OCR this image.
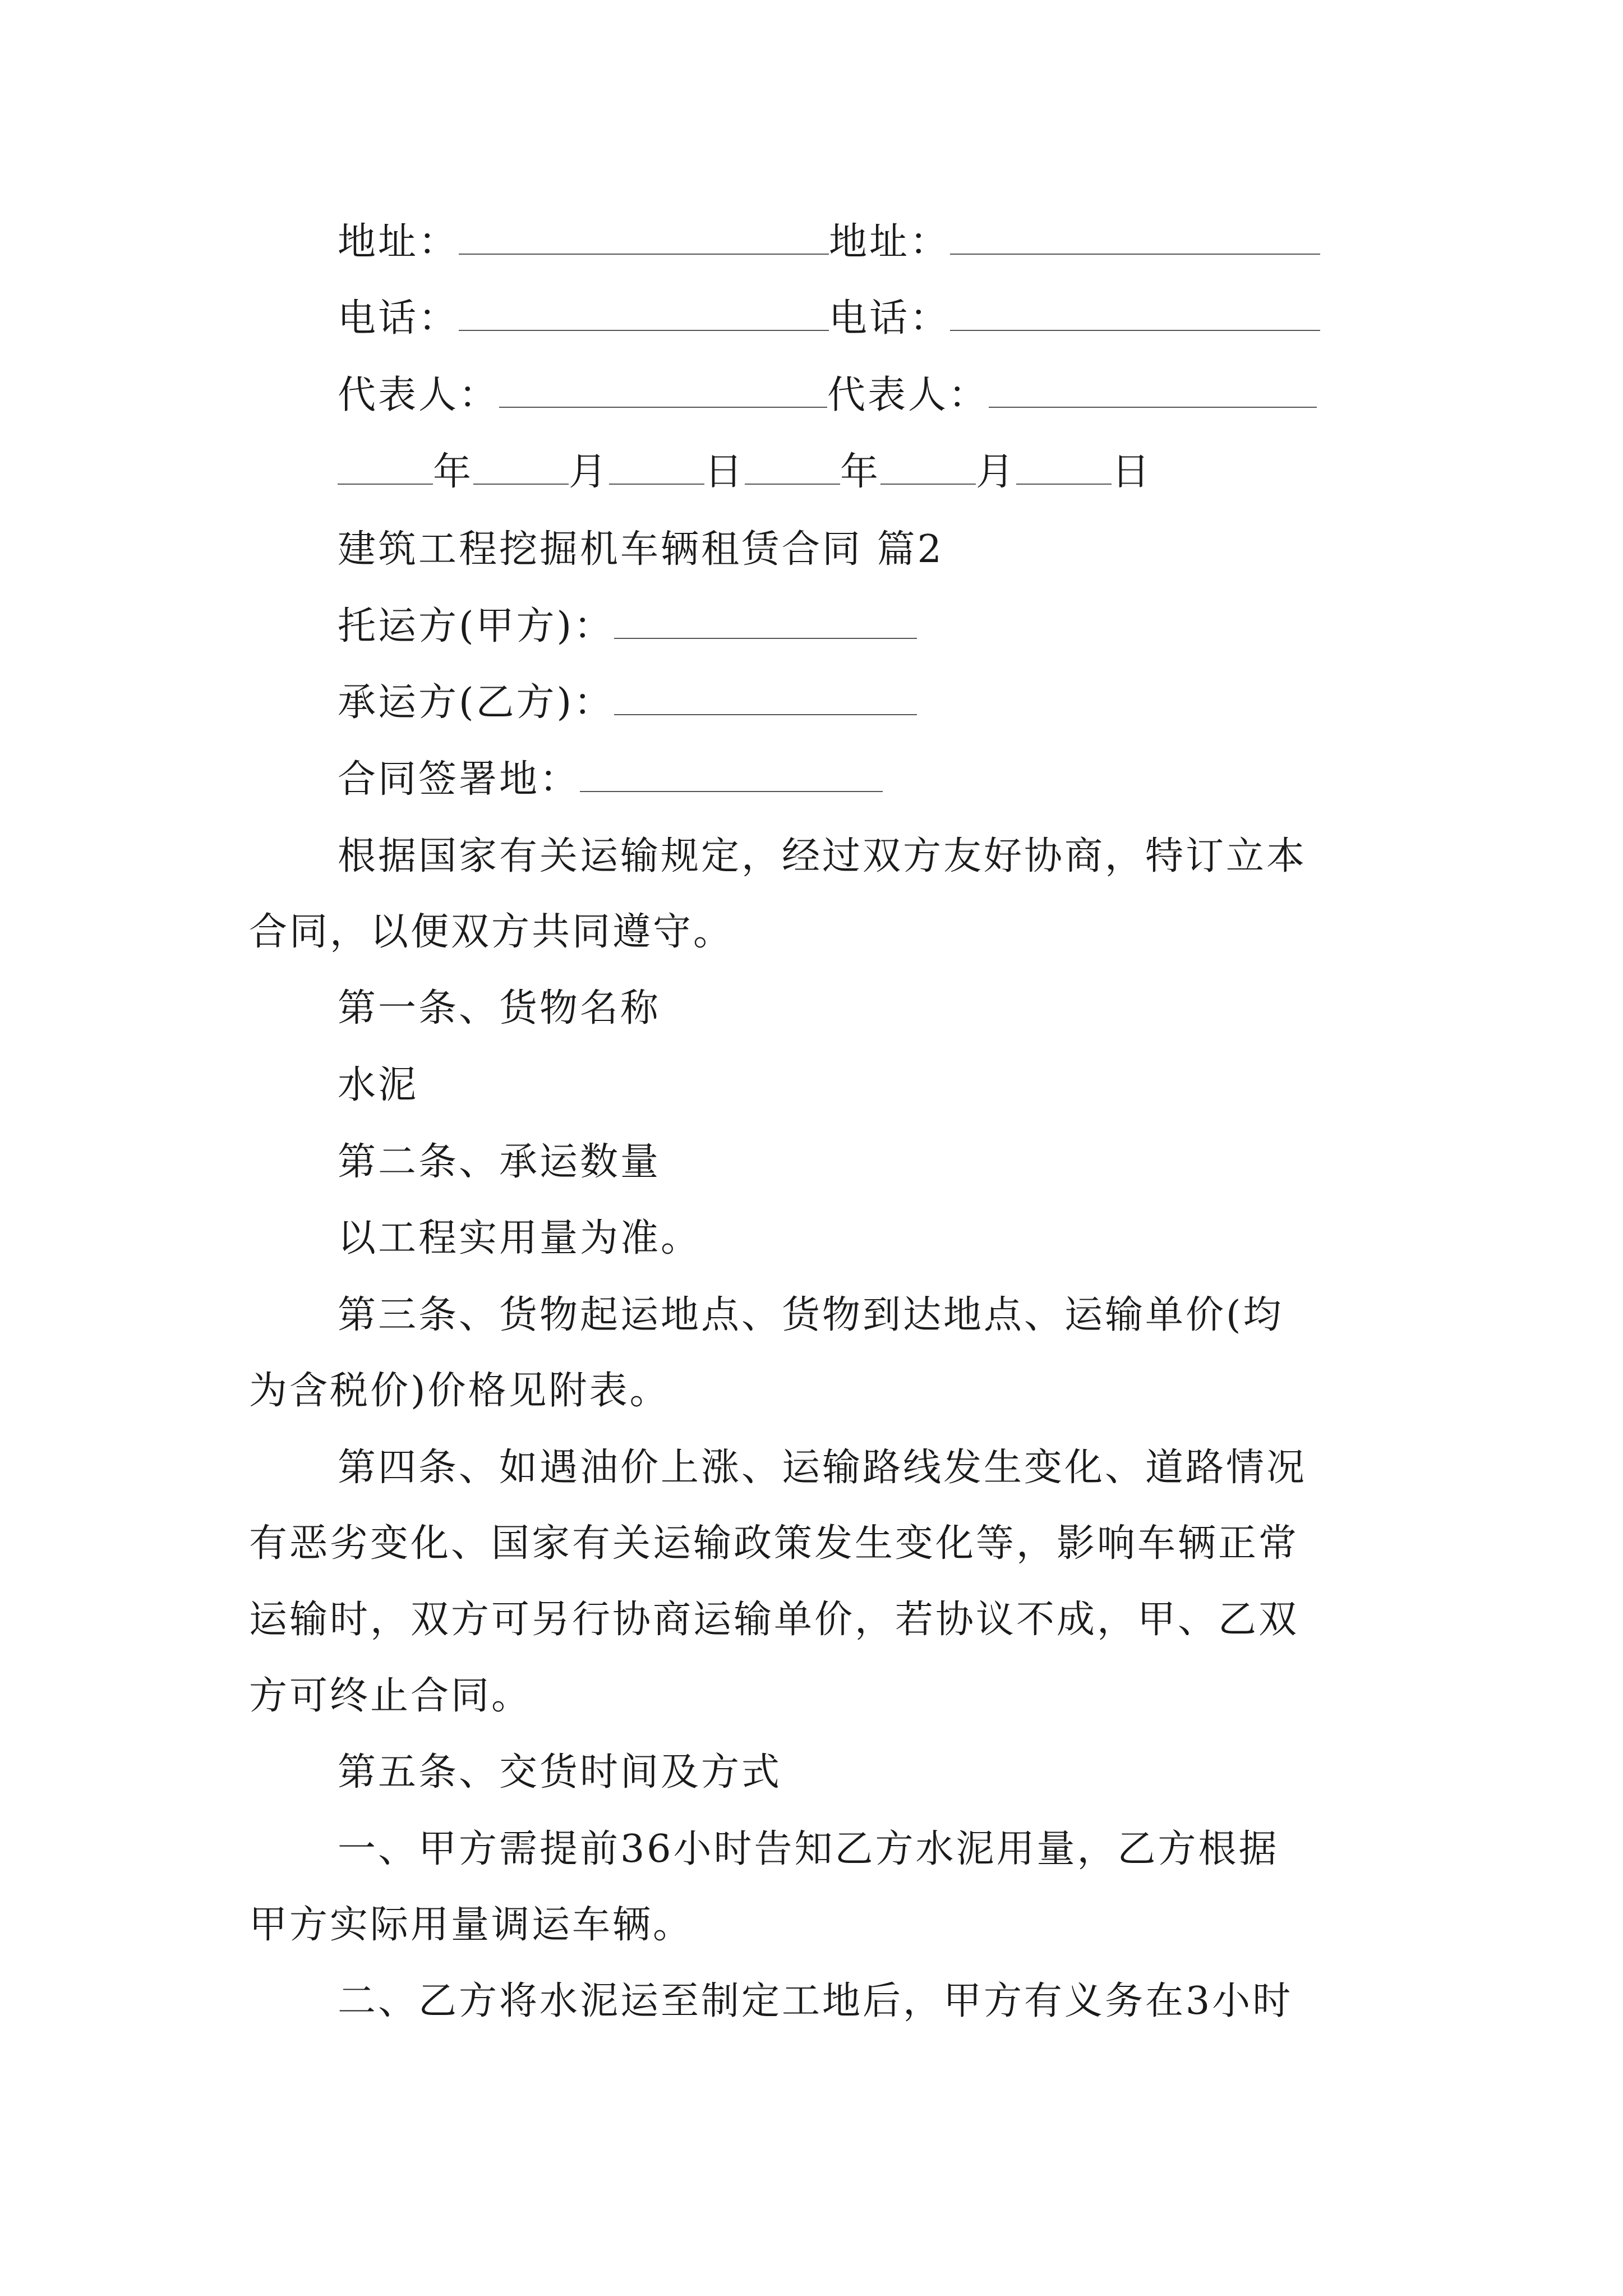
地址：	地址：
电话：	电话：
代表人：	代表人：
年	月	日	年	月	日
建筑工程挖掘机车辆租赁合同 篇2
托运方(甲方)：
承运方(乙方)：
合同签署地：
根据国家有关运输规定，经过双方友好协商，特订立本
合同，以便双方共同遵守。
第一条、货物名称
水泥
第二条、承运数量
以工程实用量为准。
第三条、货物起运地点、货物到达地点、运输单价(均
为含税价)价格见附表。
第四条、如遇油价上涨、运输路线发生变化、道路情况
有恶劣变化、国家有关运输政策发生变化等，影响车辆正常
运输时，双方可另行协商运输单价，若协议不成，甲、乙双
方可终止合同。
第五条、交货时间及方式
一、甲方需提前36小时告知乙方水泥用量，乙方根据
甲方实际用量调运车辆。
二、乙方将水泥运至制定工地后，甲方有义务在3小时
